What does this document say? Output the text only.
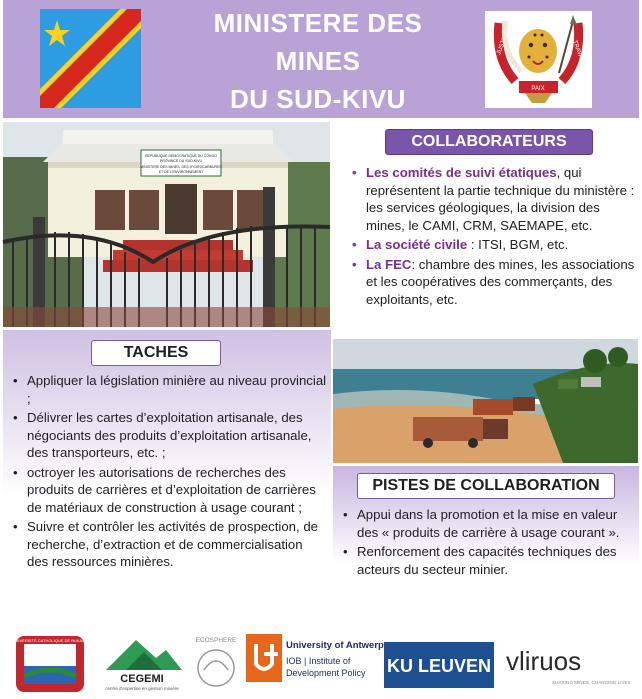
MINISTERE DES
MINES
DU SUD-KIVU
JUSTICE	TRAVAIL
PAIX
REPUBLIQUE DEMOCRATIQUE DU CONGO
PROVINCE DU SUD-KIVU
MINISTERE DES MINES, DES HYDROCARBURES
ET DE L'ENVIRONNEMENT
COLLABORATEURS
• Les comités de suivi étatiques, qui représentent la partie technique du ministère : les services géologiques, la division des mines, le CAMI, CRM, SAEMAPE, etc.
• La société civile : ITSI, BGM, etc.
• La FEC: chambre des mines, les associations et les coopératives des commerçants, des exploitants, etc.
TACHES
• Appliquer la législation minière au niveau provincial ;
• Délivrer les cartes d’exploitation artisanale, des négociants des produits d’exploitation artisanale, des transporteurs, etc. ;
• octroyer les autorisations de recherches des produits de carrières et d’exploitation de carrières de matériaux de construction à usage courant ;
• Suivre et contrôler les activités de prospection, de recherche, d’extraction et de commercialisation des ressources minières.
PISTES DE COLLABORATION
• Appui dans la promotion et la mise en valeur des « produits de carrière à usage courant ».
• Renforcement des capacités techniques des acteurs du secteur minier.
UNIVERSITÉ CATHOLIQUE DE BUKAVU
CEGEMI
centre d'expertise en gestion minière
ECOSPHERE	University of Antwerp
IOB | Institute of
Development Policy KU LEUVEN vliruos
SHARING MINDS, CHANGING LIVES
